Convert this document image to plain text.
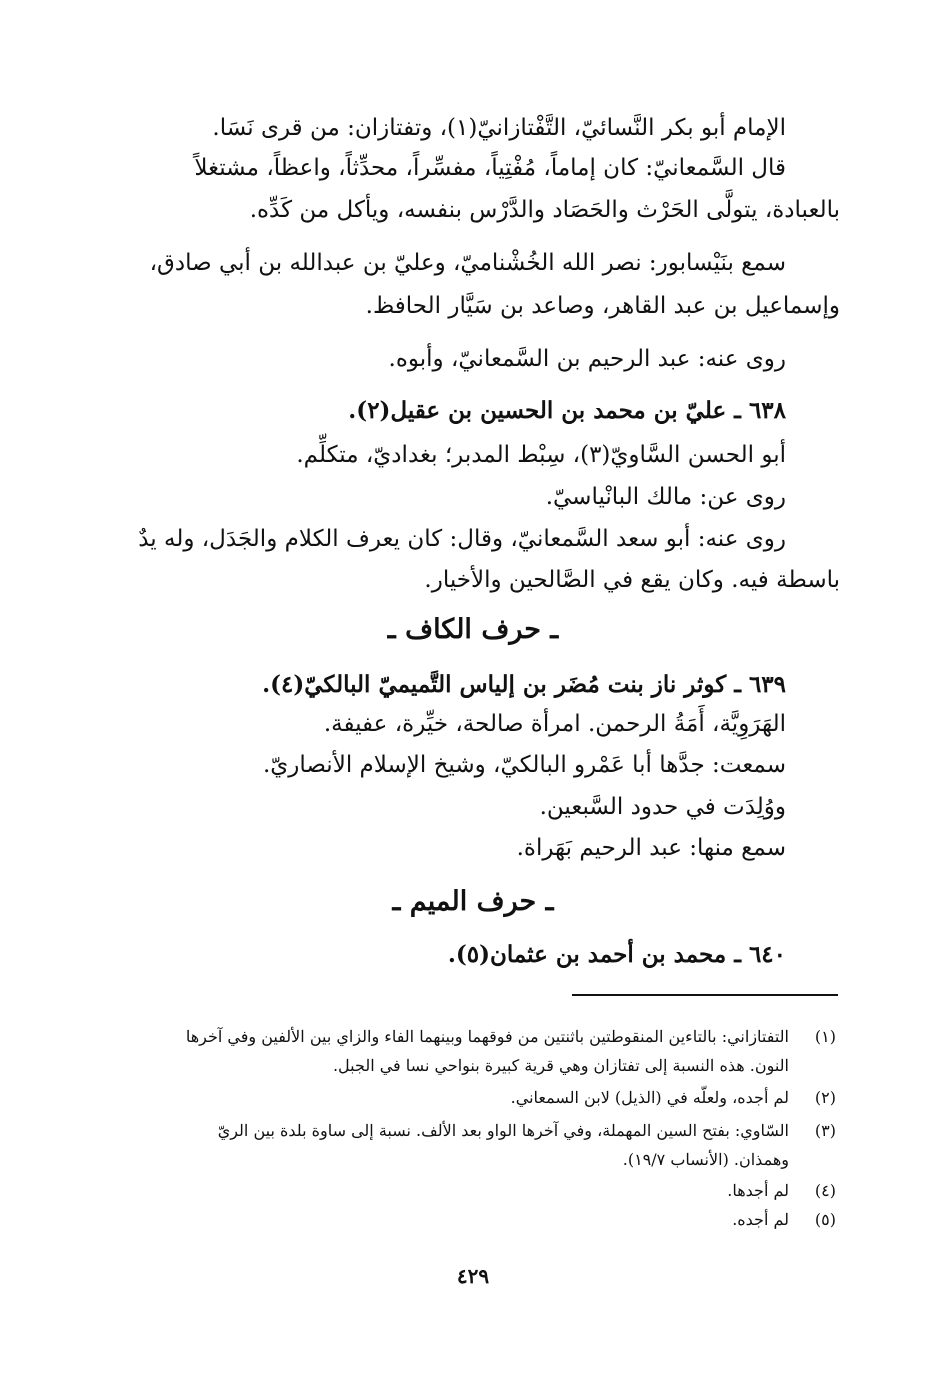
الإمام أبو بكر النَّسائيّ، التَّفْتازانيّ(١)، وتفتازان: من قرى نَسَا.
قال السَّمعانيّ: كان إماماً، مُفْتِياً، مفسِّراً، محدِّثاً، واعظاً، مشتغلاً
بالعبادة، يتولَّى الحَرْث والحَصَاد والدَّرْس بنفسه، ويأكل من كَدِّه.
سمع بنَيْسابور: نصر الله الخُشْناميّ، وعليّ بن عبدالله بن أبي صادق،
وإسماعيل بن عبد القاهر، وصاعد بن سَيَّار الحافظ.
روى عنه: عبد الرحيم بن السَّمعانيّ، وأبوه.
٦٣٨ ـ عليّ بن محمد بن الحسين بن عقيل(٢).
أبو الحسن السَّاويّ(٣)، سِبْط المدبر؛ بغداديّ، متكلِّم.
روى عن: مالك البانْياسيّ.
روى عنه: أبو سعد السَّمعانيّ، وقال: كان يعرف الكلام والجَدَل، وله يدٌ
باسطة فيه. وكان يقع في الصَّالحين والأخيار.
ـ حرف الكاف ـ
٦٣٩ ـ كوثر ناز بنت مُضَر بن إلياس التَّميميّ البالكيّ(٤).
الهَرَوِيَّة، أَمَةُ الرحمن. امرأة صالحة، خيِّرة، عفيفة.
سمعت: جدَّها أبا عَمْرو البالكيّ، وشيخ الإسلام الأنصاريّ.
ووُلِدَت في حدود السَّبعين.
سمع منها: عبد الرحيم بَهَراة.
ـ حرف الميم ـ
٦٤٠ ـ محمد بن أحمد بن عثمان(٥).
(١)
التفتازاني: بالتاءين المنقوطتين باثنتين من فوقهما وبينهما الفاء والزاي بين الألفين وفي آخرها
النون. هذه النسبة إلى تفتازان وهي قرية كبيرة بنواحي نسا في الجبل.
(٢)
لم أجده، ولعلّه في (الذيل) لابن السمعاني.
(٣)
السّاوي: بفتح السين المهملة، وفي آخرها الواو بعد الألف. نسبة إلى ساوة بلدة بين الريّ
وهمذان. (الأنساب ١٩/٧).
(٤)
لم أجدها.
(٥)
لم أجده.
٤٢٩
